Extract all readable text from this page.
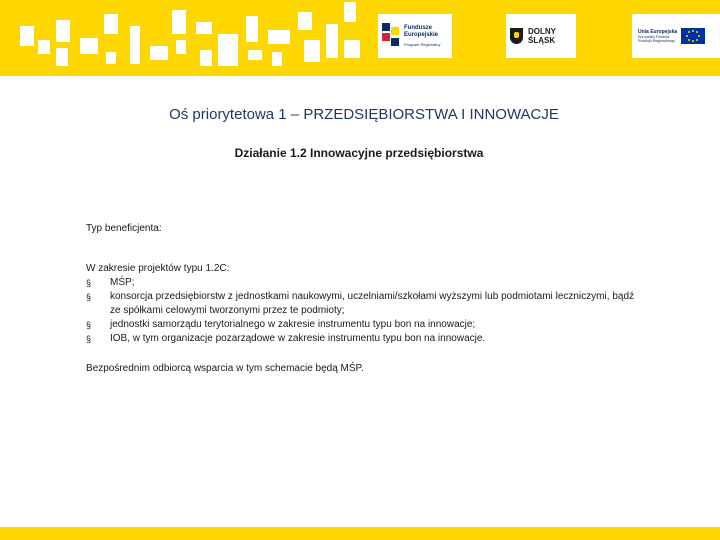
Fundusze
Europejskie
Program Regionalny
DOLNY
ŚLĄSK
Unia Europejska
Europejski Fundusz
Rozwoju Regionalnego
Oś priorytetowa 1 – PRZEDSIĘBIORSTWA I INNOWACJE
Działanie 1.2 Innowacyjne przedsiębiorstwa

Typ beneficjenta:

W zakresie projektów typu 1.2C:

§ MŚP;
§ konsorcja przedsiębiorstw z jednostkami naukowymi, uczelniami/szkołami wyższymi lub podmiotami leczniczymi, bądź ze spółkami celowymi tworzonymi przez te podmioty;
§ jednostki samorządu terytorialnego w zakresie instrumentu typu bon na innowacje;
§ IOB, w tym organizacje pozarządowe w zakresie instrumentu typu bon na innowacje.

Bezpośrednim odbiorcą wsparcia w tym schemacie będą MŚP.
